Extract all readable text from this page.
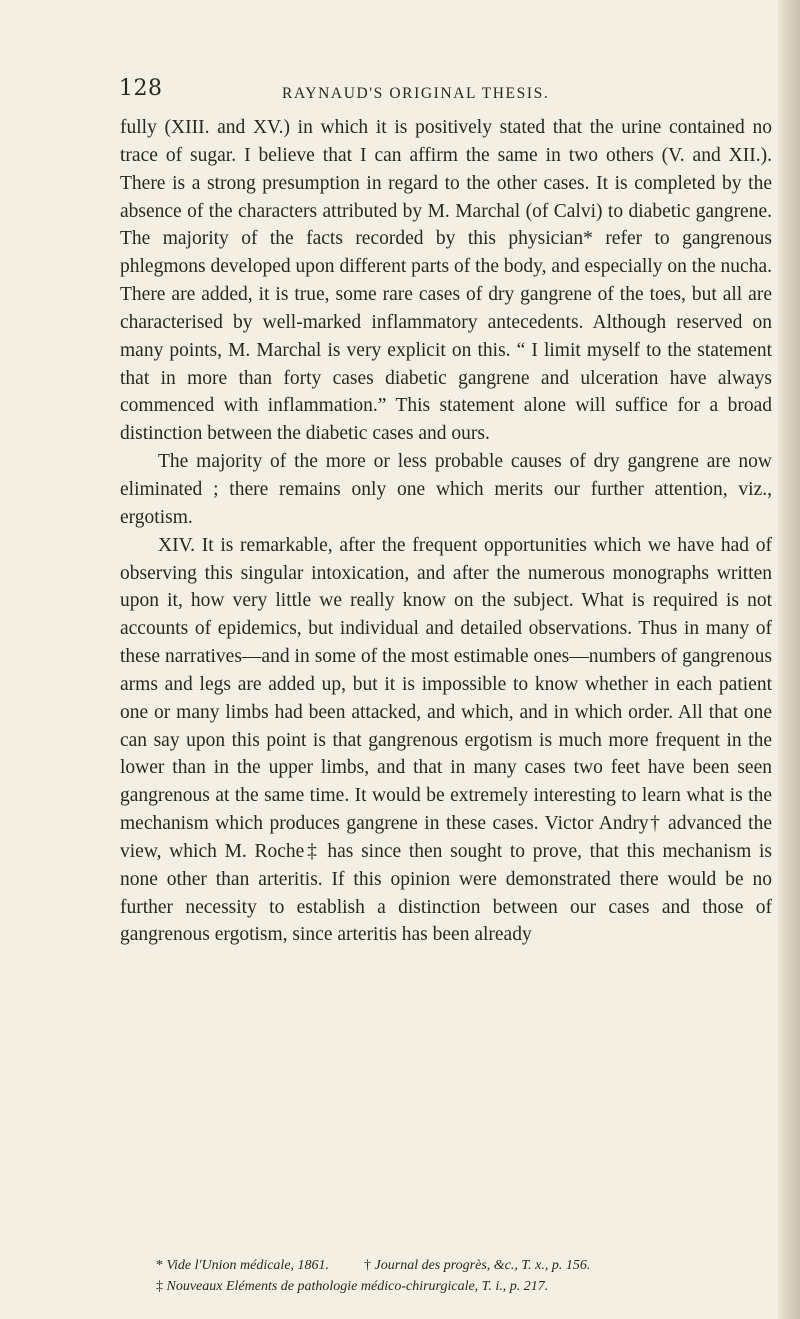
128	RAYNAUD'S ORIGINAL THESIS.

fully (XIII. and XV.) in which it is positively stated that the urine contained no trace of sugar. I believe that I can affirm the same in two others (V. and XII.). There is a strong presumption in regard to the other cases. It is completed by the absence of the characters attributed by M. Marchal (of Calvi) to diabetic gangrene. The majority of the facts recorded by this physician* refer to gangrenous phlegmons developed upon different parts of the body, and especially on the nucha. There are added, it is true, some rare cases of dry gangrene of the toes, but all are characterised by well-marked inflammatory antecedents. Although reserved on many points, M. Marchal is very explicit on this. “ I limit myself to the statement that in more than forty cases diabetic gangrene and ulceration have always commenced with inflammation.” This statement alone will suffice for a broad distinction between the diabetic cases and ours.

The majority of the more or less probable causes of dry gangrene are now eliminated ; there remains only one which merits our further attention, viz., ergotism.

XIV. It is remarkable, after the frequent opportunities which we have had of observing this singular intoxication, and after the numerous monographs written upon it, how very little we really know on the subject. What is required is not accounts of epidemics, but individual and detailed observations. Thus in many of these narratives—and in some of the most estimable ones—numbers of gangrenous arms and legs are added up, but it is impossible to know whether in each patient one or many limbs had been attacked, and which, and in which order. All that one can say upon this point is that gangrenous ergotism is much more frequent in the lower than in the upper limbs, and that in many cases two feet have been seen gangrenous at the same time. It would be extremely interesting to learn what is the mechanism which produces gangrene in these cases. Victor Andry† advanced the view, which M. Roche‡ has since then sought to prove, that this mechanism is none other than arteritis. If this opinion were demonstrated there would be no further necessity to establish a distinction between our cases and those of gangrenous ergotism, since arteritis has been already

* Vide l'Union médicale, 1861.	† Journal des progrès, &c., T. x., p. 156.
‡ Nouveaux Eléments de pathologie médico-chirurgicale, T. i., p. 217.
